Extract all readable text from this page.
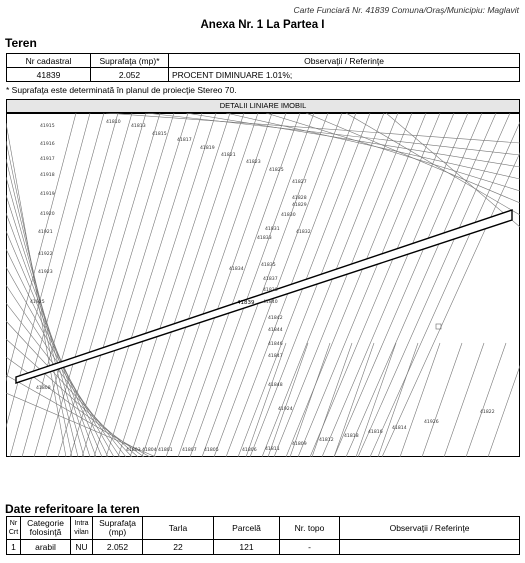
Carte Funciară Nr. 41839 Comuna/Oraş/Municipiu: Maglavit
Anexa Nr. 1 La Partea I
Teren
Nr cadastral	Suprafaţa (mp)*	Observaţii / Referinţe
41839	2.052	PROCENT DIMINUARE 1.01%;
* Suprafaţa este determinată în planul de proiecţie Stereo 70.
DETALII LINIARE IMOBIL
41915
41916
41917
41918
41919
41920
41921
41922
41923
41925
41808
41810
41813
41815
41817
41819
41821
41823
41825
41827
41828
41829
41830
41831
41833
41834
41835
41837
41838
41840
41842
41844
41846
41847
41848
41924
41822
41926
41814
41816
41818
41812
41809
41811
41806
41805
41807
41801
41804
41803
41832
41839
Date referitoare la teren
Nr Crt	Categorie folosinţă	Intra vilan	Suprafaţa (mp)	Tarla	Parcelă	Nr. topo	Observaţii / Referinţe
1	arabil	NU	2.052	22	121	-	
